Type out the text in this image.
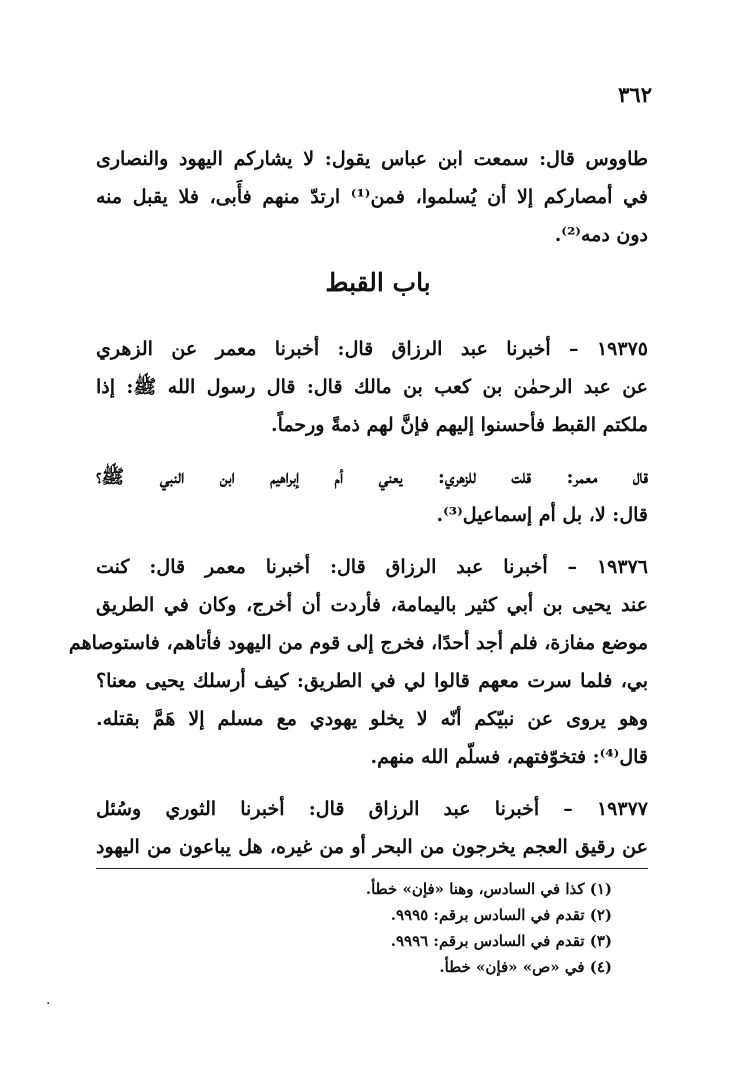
٣٦٢
طاووس قال: سمعت ابن عباس يقول: لا يشاركم اليهود والنصارى
في أمصاركم إلا أن يُسلموا، فمن⁽¹⁾ ارتدّ منهم فأَبى، فلا يقبل منه
دون دمه⁽²⁾.
باب القبط
١٩٣٧٥ – أخبرنا عبد الرزاق قال: أخبرنا معمر عن الزهري
عن عبد الرحمٰن بن كعب بن مالك قال: قال رسول الله ﷺ: إذا
ملكتم القبط فأحسنوا إليهم فإنَّ لهم ذمةً ورحماً.
قال معمر: قلت للزهري: يعني أم إبراهيم ابن النبي ﷺ؟
قال: لا، بل أم إسماعيل⁽³⁾.
١٩٣٧٦ – أخبرنا عبد الرزاق قال: أخبرنا معمر قال: كنت
عند يحيى بن أبي كثير باليمامة، فأردت أن أخرج، وكان في الطريق
موضع مفازة، فلم أجد أحدًا، فخرج إلى قوم من اليهود فأتاهم، فاستوصاهم
بي، فلما سرت معهم قالوا لي في الطريق: كيف أرسلك يحيى معنا؟
وهو يروى عن نبيّكم أنّه لا يخلو يهودي مع مسلم إلا هَمَّ بقتله.
قال⁽⁴⁾: فتخوّفتهم، فسلّم الله منهم.
١٩٣٧٧ – أخبرنا عبد الرزاق قال: أخبرنا الثوري وسُئل
عن رقيق العجم يخرجون من البحر أو من غيره، هل يباعون من اليهود
(١) كذا في السادس، وهنا «فإن» خطأ.
(٢) تقدم في السادس برقم: ٩٩٩٥.
(٣) تقدم في السادس برقم: ٩٩٩٦.
(٤) في «ص» «فإن» خطأ.
·
